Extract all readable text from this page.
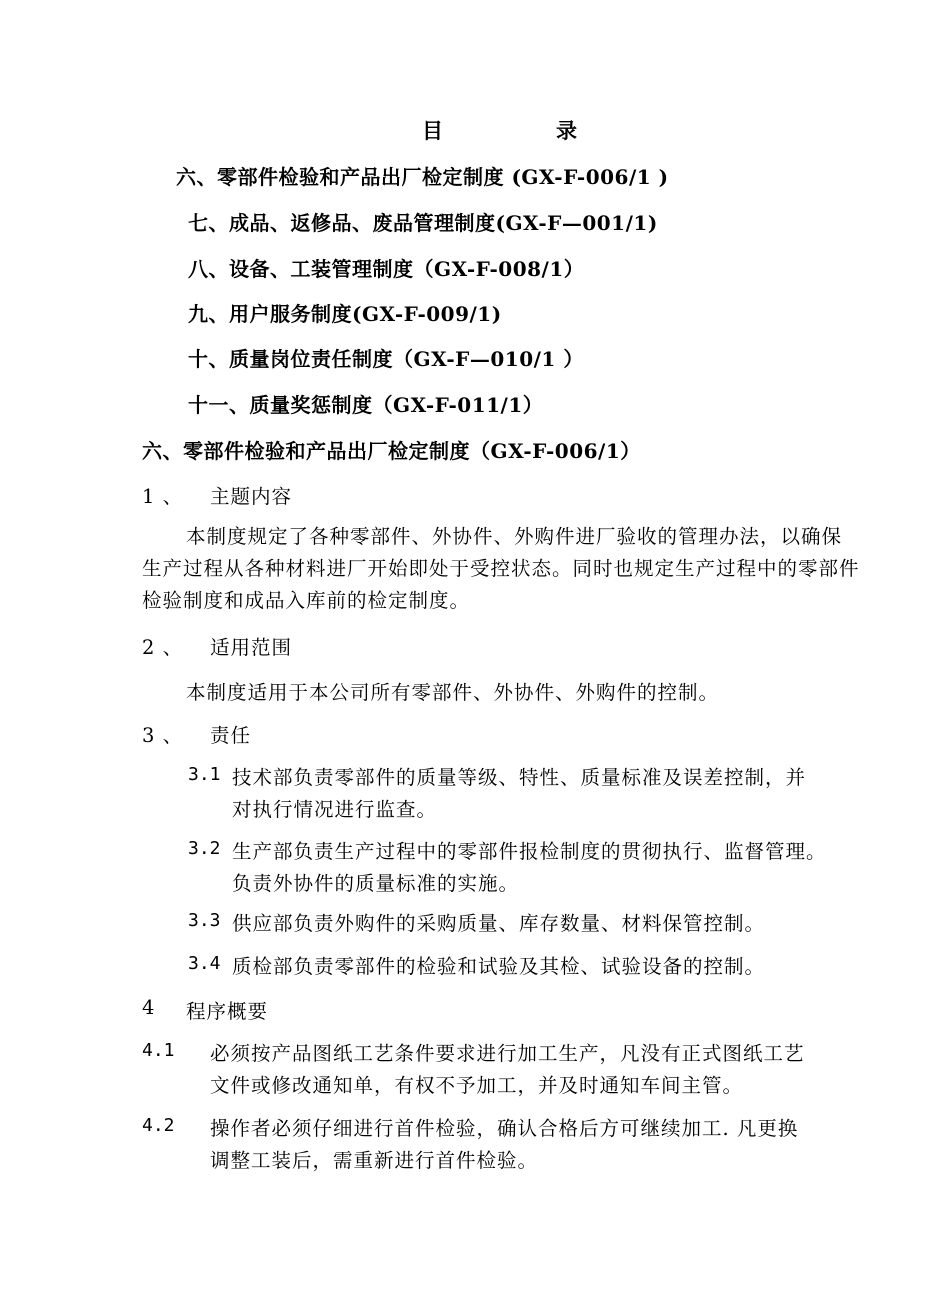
目	录
六、零部件检验和产品出厂检定制度 (GX-F-006/1 )
七、成品、返修品、废品管理制度(GX-F—001/1)
八、设备、工装管理制度（GX-F-008/1）
九、用户服务制度(GX-F-009/1)
十、质量岗位责任制度（GX-F—010/1 ）
十一、质量奖惩制度（GX-F-011/1）
六、零部件检验和产品出厂检定制度（GX-F-006/1）
1 、 主题内容
本制度规定了各种零部件、外协件、外购件进厂验收的管理办法，以确保生产过程从各种材料进厂开始即处于受控状态。同时也规定生产过程中的零部件检验制度和成品入库前的检定制度。
2 、 适用范围
本制度适用于本公司所有零部件、外协件、外购件的控制。
3 、 责任
3.1 技术部负责零部件的质量等级、特性、质量标准及误差控制，并
对执行情况进行监查。
3.2 生产部负责生产过程中的零部件报检制度的贯彻执行、监督管理。
负责外协件的质量标准的实施。
3.3 供应部负责外购件的采购质量、库存数量、材料保管控制。
3.4 质检部负责零部件的检验和试验及其检、试验设备的控制。
4 程序概要
4.1 必须按产品图纸工艺条件要求进行加工生产，凡没有正式图纸工艺
文件或修改通知单，有权不予加工，并及时通知车间主管。
4.2 操作者必须仔细进行首件检验，确认合格后方可继续加工. 凡更换
调整工装后，需重新进行首件检验。
